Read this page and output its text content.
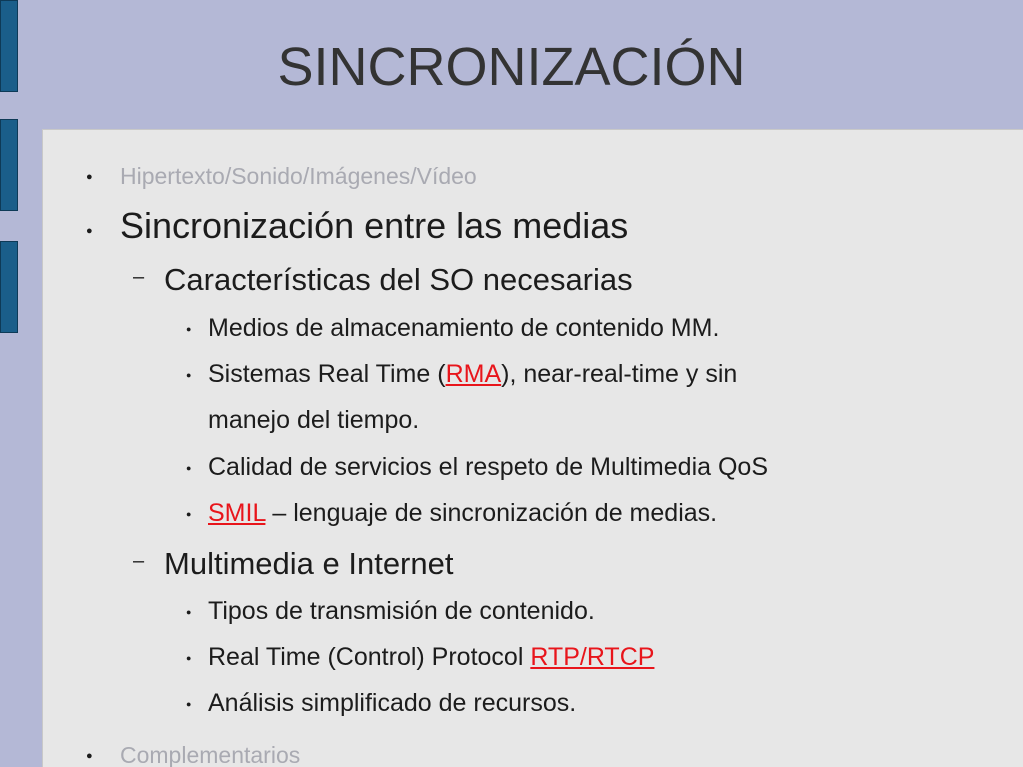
SINCRONIZACIÓN
● Hipertexto/Sonido/Imágenes/Vídeo
● Sincronización entre las medias
– Características del SO necesarias
● Medios de almacenamiento de contenido MM.
● Sistemas Real Time (RMA), near-real-time y sin
manejo del tiempo.
● Calidad de servicios el respeto de Multimedia QoS
● SMIL – lenguaje de sincronización de medias.
– Multimedia e Internet
● Tipos de transmisión de contenido.
● Real Time (Control) Protocol RTP/RTCP
● Análisis simplificado de recursos.
● Complementarios
